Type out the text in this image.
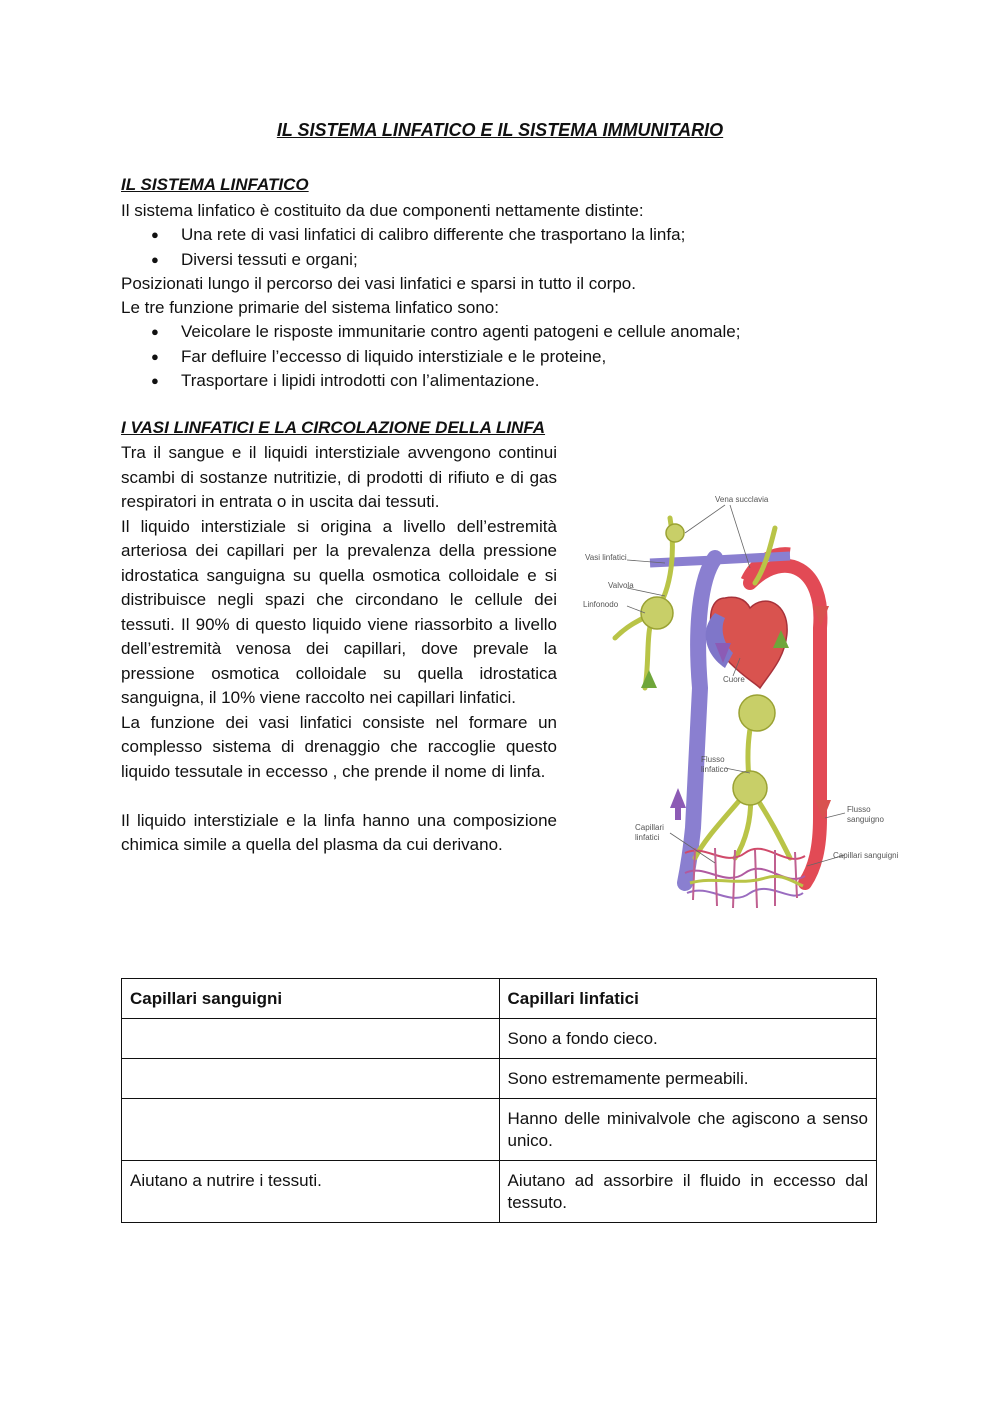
IL SISTEMA LINFATICO E IL SISTEMA IMMUNITARIO
IL SISTEMA LINFATICO
Il sistema linfatico è costituito da due componenti nettamente distinte:
● Una rete di vasi linfatici di calibro differente che trasportano la linfa;
● Diversi tessuti e organi;
Posizionati lungo il percorso dei vasi linfatici e sparsi in tutto il corpo.
Le tre funzione primarie del sistema linfatico sono:
● Veicolare le risposte immunitarie contro agenti patogeni e cellule anomale;
● Far defluire l’eccesso di liquido interstiziale e le proteine,
● Trasportare i lipidi introdotti con l’alimentazione.
I VASI LINFATICI E LA CIRCOLAZIONE DELLA LINFA

Tra il sangue e il liquidi interstiziale avvengono continui scambi di sostanze nutritizie, di prodotti di rifiuto e di gas respiratori in entrata o in uscita dai tessuti.

Il liquido interstiziale si origina a livello dell’estremità arteriosa dei capillari per la prevalenza della pressione idrostatica sanguigna su quella osmotica colloidale e si distribuisce negli spazi che circondano le cellule dei tessuti. Il 90% di questo liquido viene riassorbito a livello dell’estremità venosa dei capillari, dove prevale la pressione osmotica colloidale su quella idrostatica sanguigna, il 10% viene raccolto nei capillari linfatici.

La funzione dei vasi linfatici consiste nel formare un complesso sistema di drenaggio che raccoglie questo liquido tessutale in eccesso , che prende il nome di linfa.

Il liquido interstiziale e la linfa hanno una composizione chimica simile a quella del plasma da cui derivano.

Vena succlavia
Vasi linfatici
Valvola
Linfonodo
Cuore
Flusso
linfatico
Flusso
sanguigno
Capillari
linfatici
Capillari sanguigni
Capillari sanguigni	Capillari linfatici
	Sono a fondo cieco.
	Sono estremamente permeabili.
	Hanno delle minivalvole che agiscono a senso unico.
Aiutano a nutrire i tessuti.	Aiutano ad assorbire il fluido in eccesso dal tessuto.
